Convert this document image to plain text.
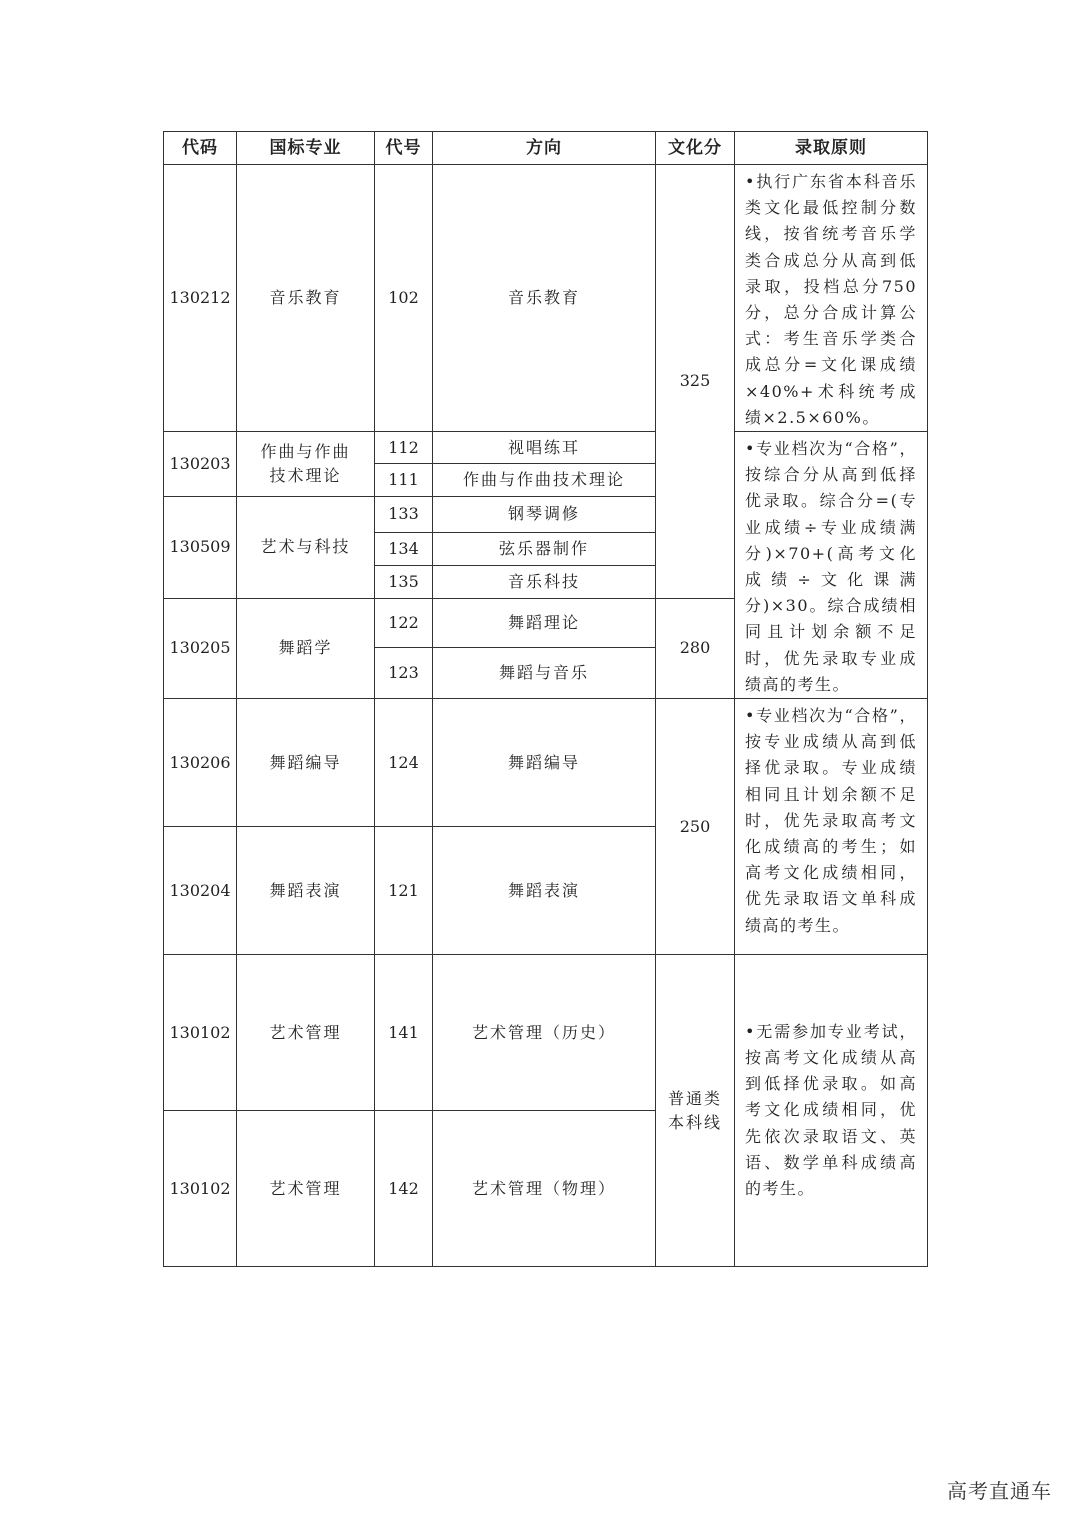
代码	国标专业	代号	方向	文化分	录取原则
130212	音乐教育	102	音乐教育	325	•执行广东省本科音乐类文化最低控制分数线，按省统考音乐学类合成总分从高到低录取，投档总分750分，总分合成计算公式：考生音乐学类合成总分=文化课成绩×40%+术科统考成绩×2.5×60%。
130203	作曲与作曲技术理论	112	视唱练耳		•专业档次为“合格”，按综合分从高到低择优录取。综合分=(专业成绩÷专业成绩满分)×70+(高考文化成绩÷文化课满分)×30。综合成绩相同且计划余额不足时，优先录取专业成绩高的考生。
		111	作曲与作曲技术理论		
130509	艺术与科技	133	钢琴调修		
		134	弦乐器制作		
		135	音乐科技		
130205	舞蹈学	122	舞蹈理论	280	
		123	舞蹈与音乐		
130206	舞蹈编导	124	舞蹈编导	250	•专业档次为“合格”，按专业成绩从高到低择优录取。专业成绩相同且计划余额不足时，优先录取高考文化成绩高的考生；如高考文化成绩相同，优先录取语文单科成绩高的考生。
130204	舞蹈表演	121	舞蹈表演		
130102	艺术管理	141	艺术管理（历史）	普通类本科线	•无需参加专业考试，按高考文化成绩从高到低择优录取。如高考文化成绩相同，优先依次录取语文、英语、数学单科成绩高的考生。
130102	艺术管理	142	艺术管理（物理）		
高考直通车
